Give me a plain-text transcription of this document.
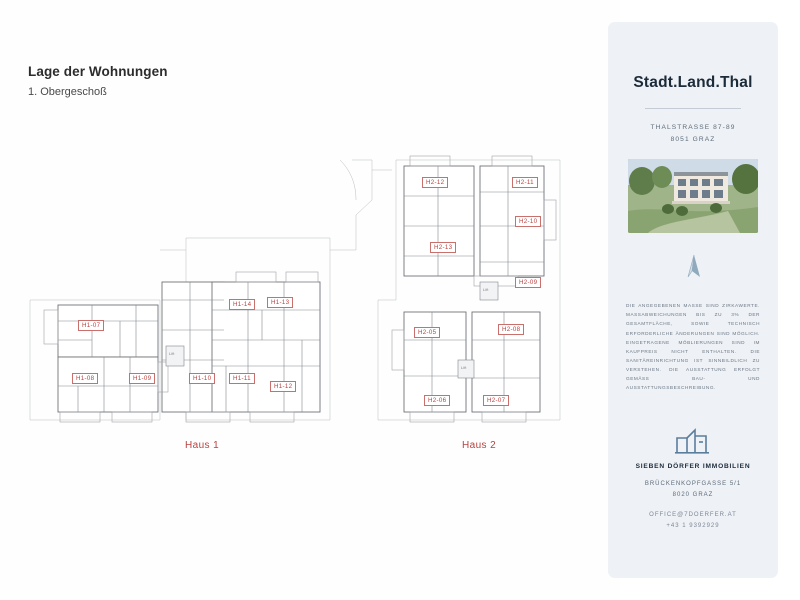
Lage der Wohnungen
1. Obergeschoß
H1-07
H1-08	H1-09	H1-10	H1-11
H1-12
H1-13
H1-14
H2-05
H2-06	H2-07
H2-08
H2-09
H2-10
H2-11
H2-12
H2-13
Lift
Lift
Lift
Haus 1	Haus 2
Stadt.Land.Thal
THALSTRASSE 87-89
8051 GRAZ
DIE ANGEGEBENEN MASSE SIND ZIRKAWERTE. MASSABWEICHUNGEN BIS ZU 3% DER GESAMTFLÄCHE, SOWIE TECHNISCH ERFORDERLICHE ÄNDERUNGEN SIND MÖGLICH. EINGETRAGENE MÖBLIERUNGEN SIND IM KAUFPREIS NICHT ENTHALTEN. DIE SANITÄREINRICHTUNG IST SINNBILDLICH ZU VERSTEHEN. DIE AUSSTATTUNG ERFOLGT GEMÄSS BAU- UND AUSSTATTUNGSBESCHREIBUNG.
SIEBEN DÖRFER IMMOBILIEN
BRÜCKENKOPFGASSE 5/1
8020 GRAZ
OFFICE@7DOERFER.AT
+43 1 9392929
